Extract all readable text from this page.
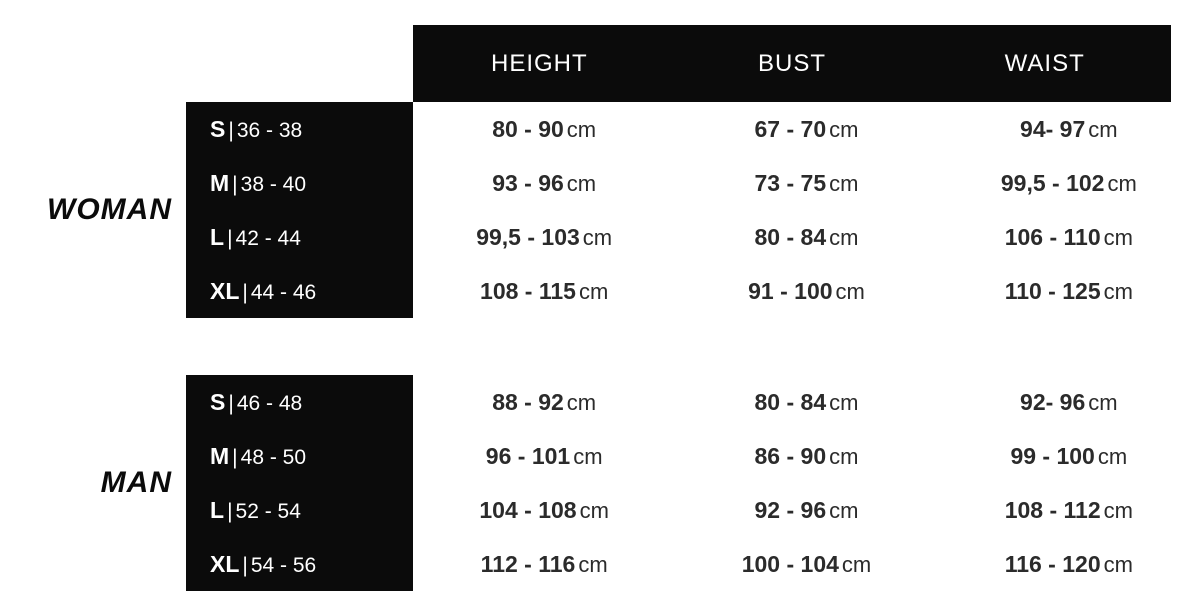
HEIGHT	BUST	WAIST
WOMAN
S | 36 - 38	80 - 90 cm	67 - 70 cm	94- 97 cm
M | 38 - 40	93 - 96 cm	73 - 75 cm	99,5 - 102 cm
L | 42 - 44	99,5 - 103 cm	80 - 84 cm	106 - 110 cm
XL | 44 - 46	108 - 115 cm	91 - 100 cm	110 - 125 cm
MAN
S | 46 - 48	88 - 92 cm	80 - 84 cm	92- 96 cm
M | 48 - 50	96 - 101 cm	86 - 90 cm	99 - 100 cm
L | 52 - 54	104 - 108 cm	92 - 96 cm	108 - 112 cm
XL | 54 - 56	112 - 116 cm	100 - 104 cm	116 - 120 cm
